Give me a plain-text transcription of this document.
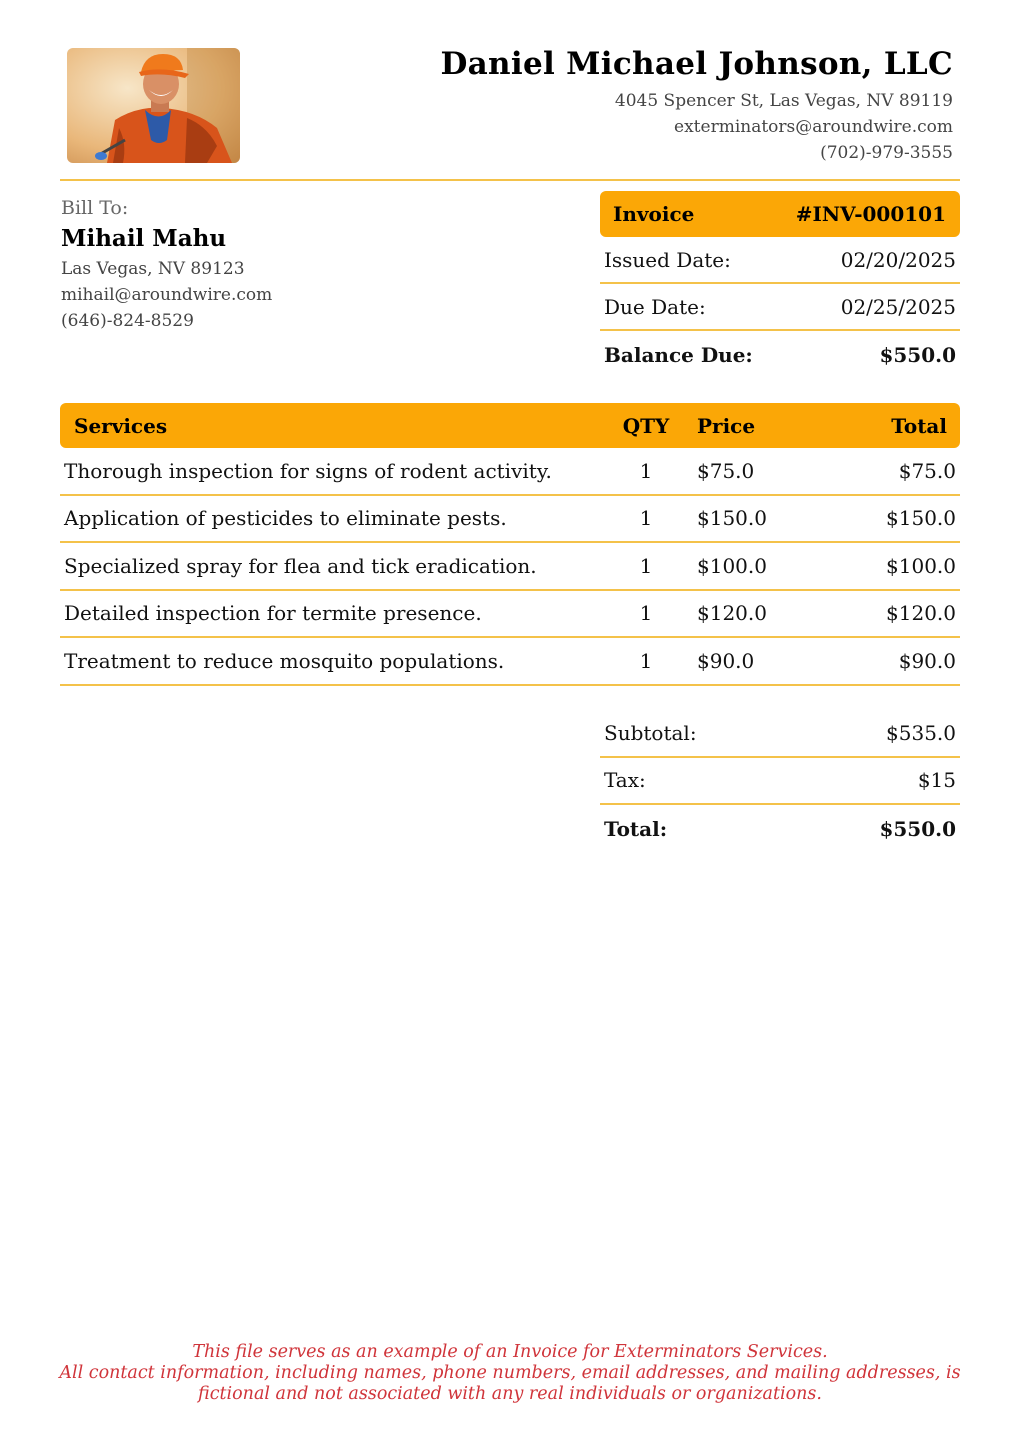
Daniel Michael Johnson, LLC
4045 Spencer St, Las Vegas, NV 89119
exterminators@aroundwire.com
(702)-979-3555
Bill To:
Mihail Mahu
Las Vegas, NV 89123
mihail@aroundwire.com
(646)-824-8529
Invoice	#INV-000101
Issued Date:	02/20/2025
Due Date:	02/25/2025
Balance Due:	$550.0
Services	QTY	Price	Total
Thorough inspection for signs of rodent activity.	1	$75.0	$75.0
Application of pesticides to eliminate pests.	1	$150.0	$150.0
Specialized spray for flea and tick eradication.	1	$100.0	$100.0
Detailed inspection for termite presence.	1	$120.0	$120.0
Treatment to reduce mosquito populations.	1	$90.0	$90.0
Subtotal:	$535.0
Tax:	$15
Total:	$550.0
This file serves as an example of an Invoice for Exterminators Services.
All contact information, including names, phone numbers, email addresses, and mailing addresses, is
fictional and not associated with any real individuals or organizations.
